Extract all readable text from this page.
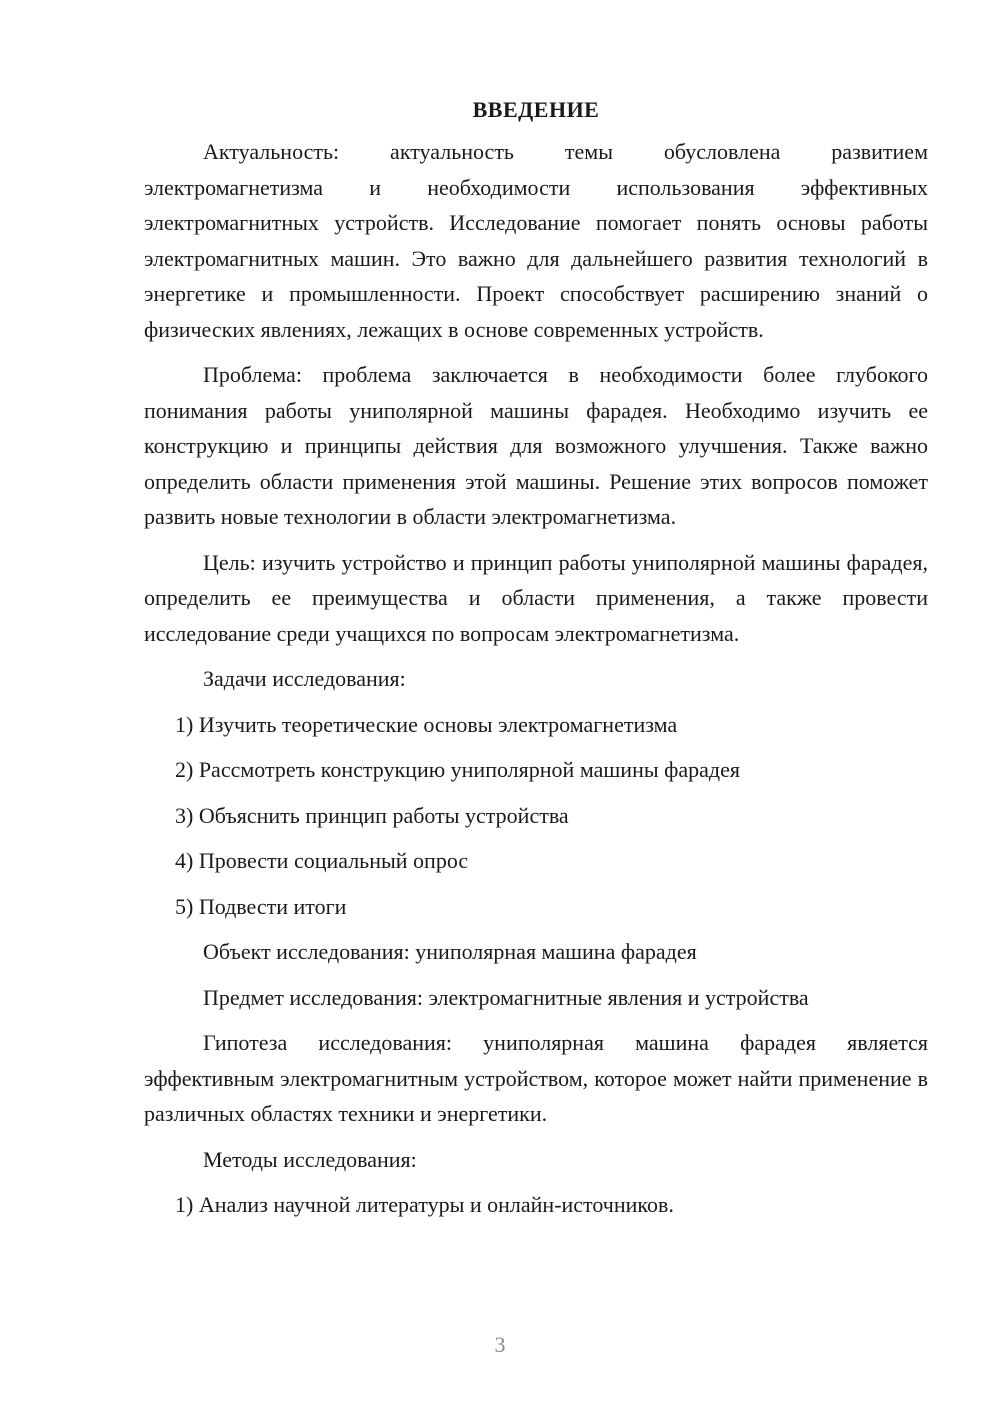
ВВЕДЕНИЕ

Актуальность: актуальность темы обусловлена развитием электромагнетизма и необходимости использования эффективных электромагнитных устройств. Исследование помогает понять основы работы электромагнитных машин. Это важно для дальнейшего развития технологий в энергетике и промышленности. Проект способствует расширению знаний о физических явлениях, лежащих в основе современных устройств.

Проблема: проблема заключается в необходимости более глубокого понимания работы униполярной машины фарадея. Необходимо изучить ее конструкцию и принципы действия для возможного улучшения. Также важно определить области применения этой машины. Решение этих вопросов поможет развить новые технологии в области электромагнетизма.

Цель: изучить устройство и принцип работы униполярной машины фарадея, определить ее преимущества и области применения, а также провести исследование среди учащихся по вопросам электромагнетизма.

Задачи исследования:

1) Изучить теоретические основы электромагнетизма

2) Рассмотреть конструкцию униполярной машины фарадея

3) Объяснить принцип работы устройства

4) Провести социальный опрос

5) Подвести итоги

Объект исследования: униполярная машина фарадея

Предмет исследования: электромагнитные явления и устройства

Гипотеза исследования: униполярная машина фарадея является эффективным электромагнитным устройством, которое может найти применение в различных областях техники и энергетики.

Методы исследования:

1) Анализ научной литературы и онлайн-источников.

3
